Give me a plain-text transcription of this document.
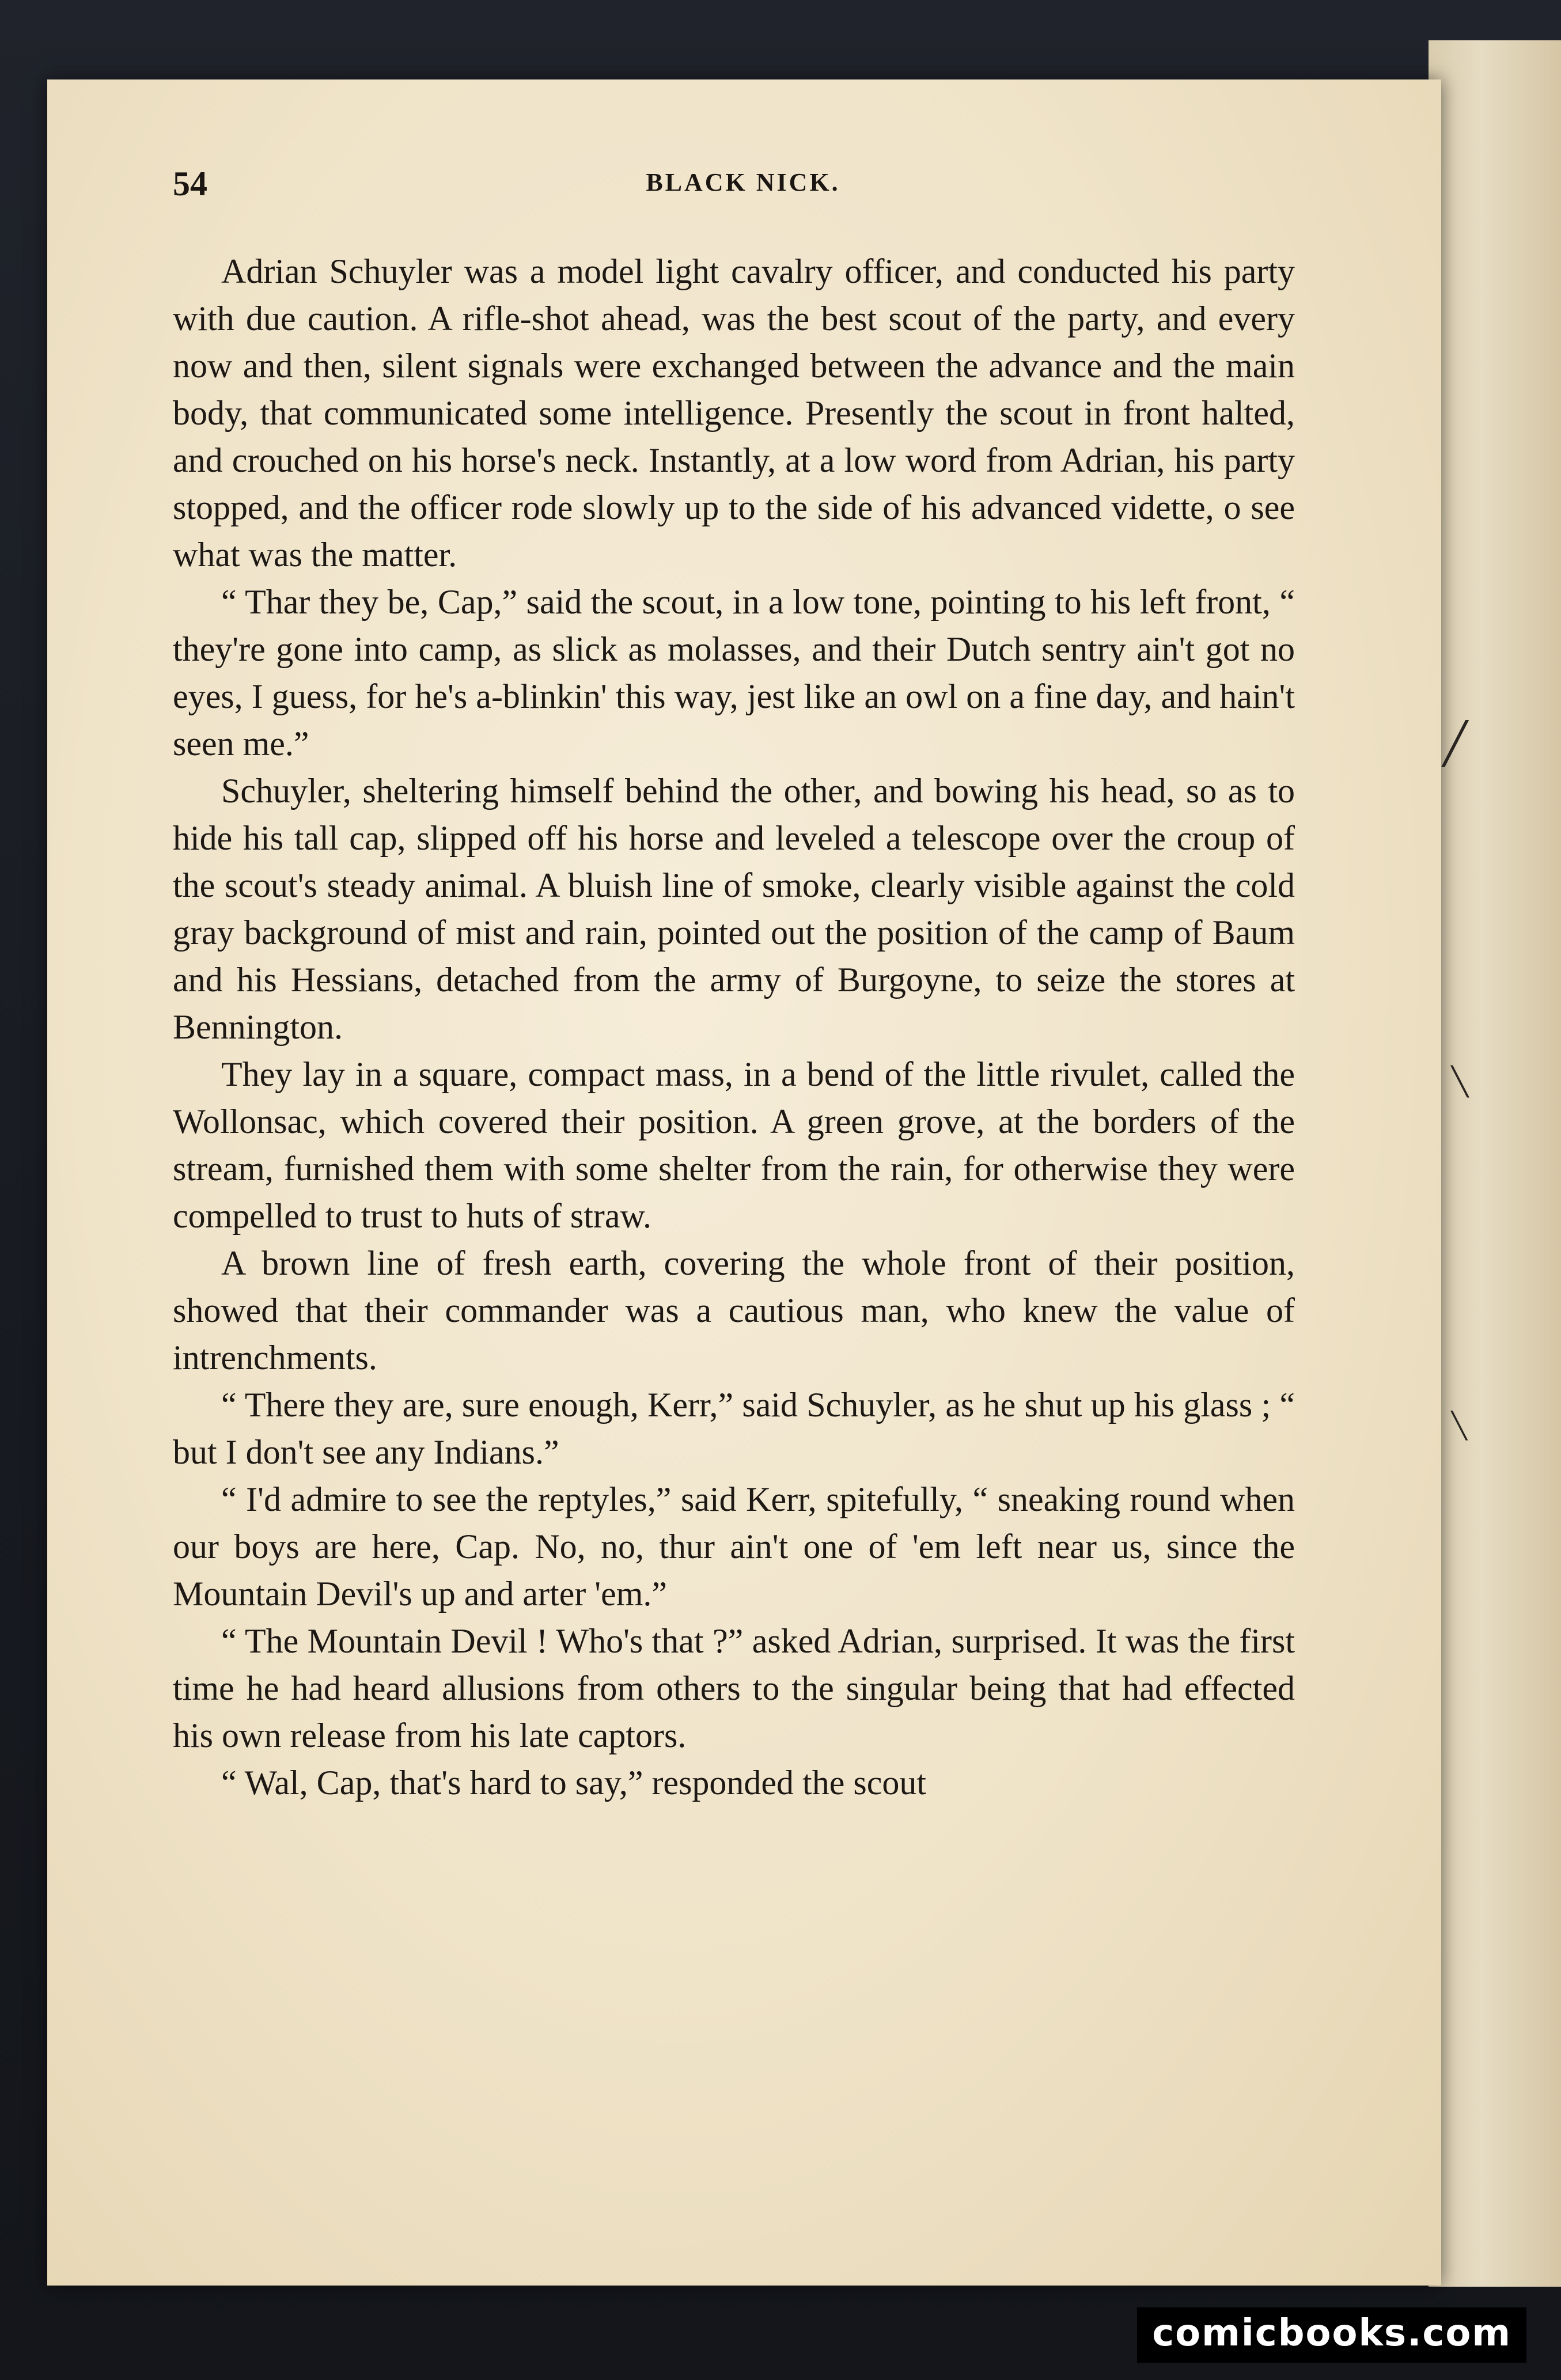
54	BLACK NICK.

Adrian Schuyler was a model light cavalry officer, and conducted his party with due caution. A rifle-shot ahead, was the best scout of the party, and every now and then, silent signals were exchanged between the advance and the main body, that communicated some intelligence. Presently the scout in front halted, and crouched on his horse's neck. Instantly, at a low word from Adrian, his party stopped, and the officer rode slowly up to the side of his advanced vidette, o see what was the matter.

“ Thar they be, Cap,” said the scout, in a low tone, pointing to his left front, “ they're gone into camp, as slick as molasses, and their Dutch sentry ain't got no eyes, I guess, for he's a-blinkin' this way, jest like an owl on a fine day, and hain't seen me.”

Schuyler, sheltering himself behind the other, and bowing his head, so as to hide his tall cap, slipped off his horse and leveled a telescope over the croup of the scout's steady animal. A bluish line of smoke, clearly visible against the cold gray background of mist and rain, pointed out the position of the camp of Baum and his Hessians, detached from the army of Burgoyne, to seize the stores at Bennington.

They lay in a square, compact mass, in a bend of the little rivulet, called the Wollonsac, which covered their position. A green grove, at the borders of the stream, furnished them with some shelter from the rain, for otherwise they were compelled to trust to huts of straw.

A brown line of fresh earth, covering the whole front of their position, showed that their commander was a cautious man, who knew the value of intrenchments.

“ There they are, sure enough, Kerr,” said Schuyler, as he shut up his glass ; “ but I don't see any Indians.”

“ I'd admire to see the reptyles,” said Kerr, spitefully, “ sneaking round when our boys are here, Cap. No, no, thur ain't one of 'em left near us, since the Mountain Devil's up and arter 'em.”

“ The Mountain Devil ! Who's that ?” asked Adrian, surprised. It was the first time he had heard allusions from others to the singular being that had effected his own release from his late captors.

“ Wal, Cap, that's hard to say,” responded the scout

╱
╲
╲
comicbooks.com
